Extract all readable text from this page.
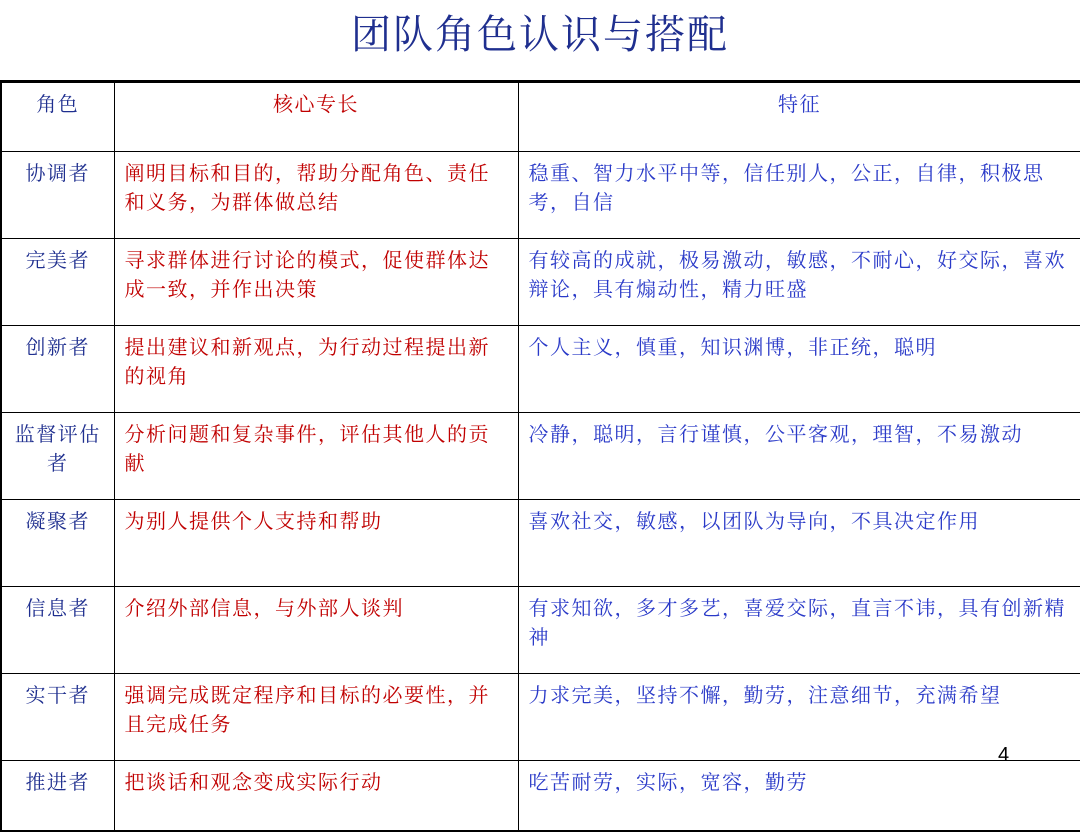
团队角色认识与搭配
角色	核心专长	特征
协调者	阐明目标和目的，帮助分配角色、责任和义务，为群体做总结	稳重、智力水平中等，信任别人，公正，自律，积极思考，自信
完美者	寻求群体进行讨论的模式，促使群体达成一致，并作出决策	有较高的成就，极易激动，敏感，不耐心，好交际，喜欢辩论，具有煽动性，精力旺盛
创新者	提出建议和新观点，为行动过程提出新的视角	个人主义，慎重，知识渊博，非正统，聪明
监督评估者	分析问题和复杂事件，评估其他人的贡献	冷静，聪明，言行谨慎，公平客观，理智，不易激动
凝聚者	为别人提供个人支持和帮助	喜欢社交，敏感，以团队为导向，不具决定作用
信息者	介绍外部信息，与外部人谈判	有求知欲，多才多艺，喜爱交际，直言不讳，具有创新精神
实干者	强调完成既定程序和目标的必要性，并且完成任务	力求完美，坚持不懈，勤劳，注意细节，充满希望
推进者	把谈话和观念变成实际行动	吃苦耐劳，实际，宽容，勤劳
4
